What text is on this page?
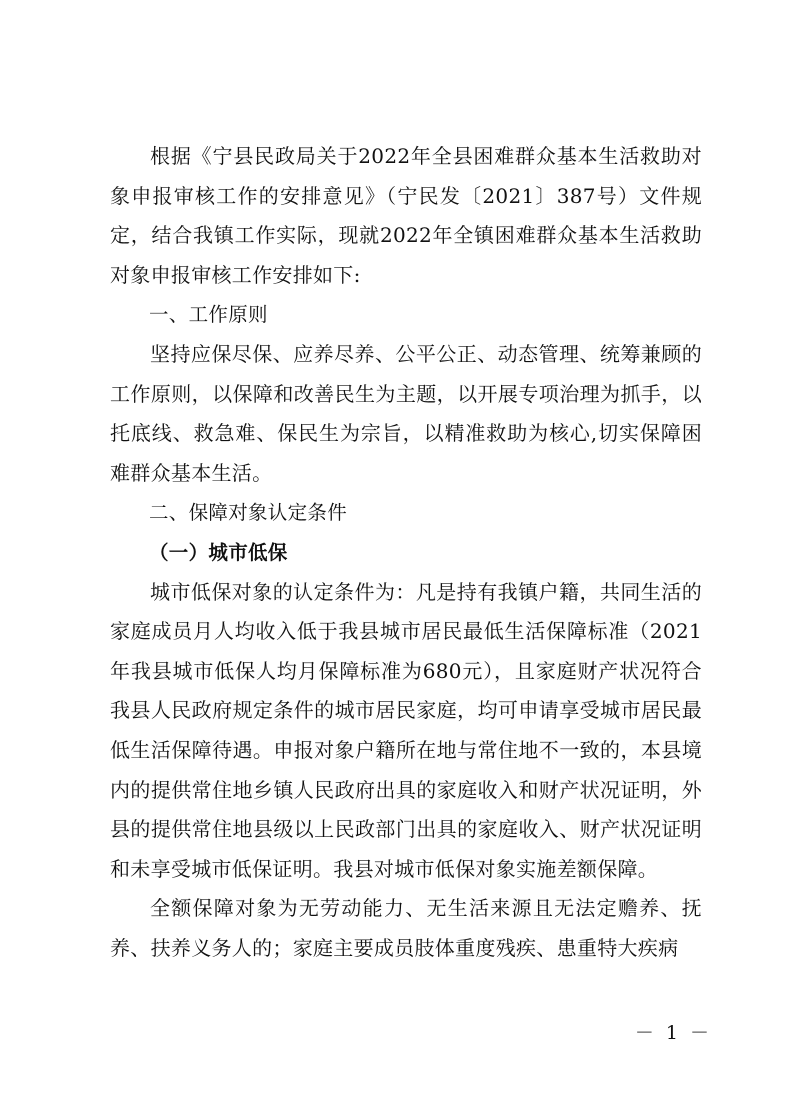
根据《宁县民政局关于2022年全县困难群众基本生活救助对象申报审核工作的安排意见》（宁民发〔2021〕387号）文件规定，结合我镇工作实际，现就2022年全镇困难群众基本生活救助对象申报审核工作安排如下:

一、工作原则

坚持应保尽保、应养尽养、公平公正、动态管理、统筹兼顾的工作原则，以保障和改善民生为主题，以开展专项治理为抓手，以托底线、救急难、保民生为宗旨，以精准救助为核心,切实保障困难群众基本生活。

二、保障对象认定条件

（一）城市低保

城市低保对象的认定条件为：凡是持有我镇户籍，共同生活的家庭成员月人均收入低于我县城市居民最低生活保障标准（2021年我县城市低保人均月保障标准为680元），且家庭财产状况符合我县人民政府规定条件的城市居民家庭，均可申请享受城市居民最低生活保障待遇。申报对象户籍所在地与常住地不一致的，本县境内的提供常住地乡镇人民政府出具的家庭收入和财产状况证明，外县的提供常住地县级以上民政部门出具的家庭收入、财产状况证明和未享受城市低保证明。我县对城市低保对象实施差额保障。

全额保障对象为无劳动能力、无生活来源且无法定赡养、抚养、扶养义务人的；家庭主要成员肢体重度残疾、患重特大疾病

－ 1 －
